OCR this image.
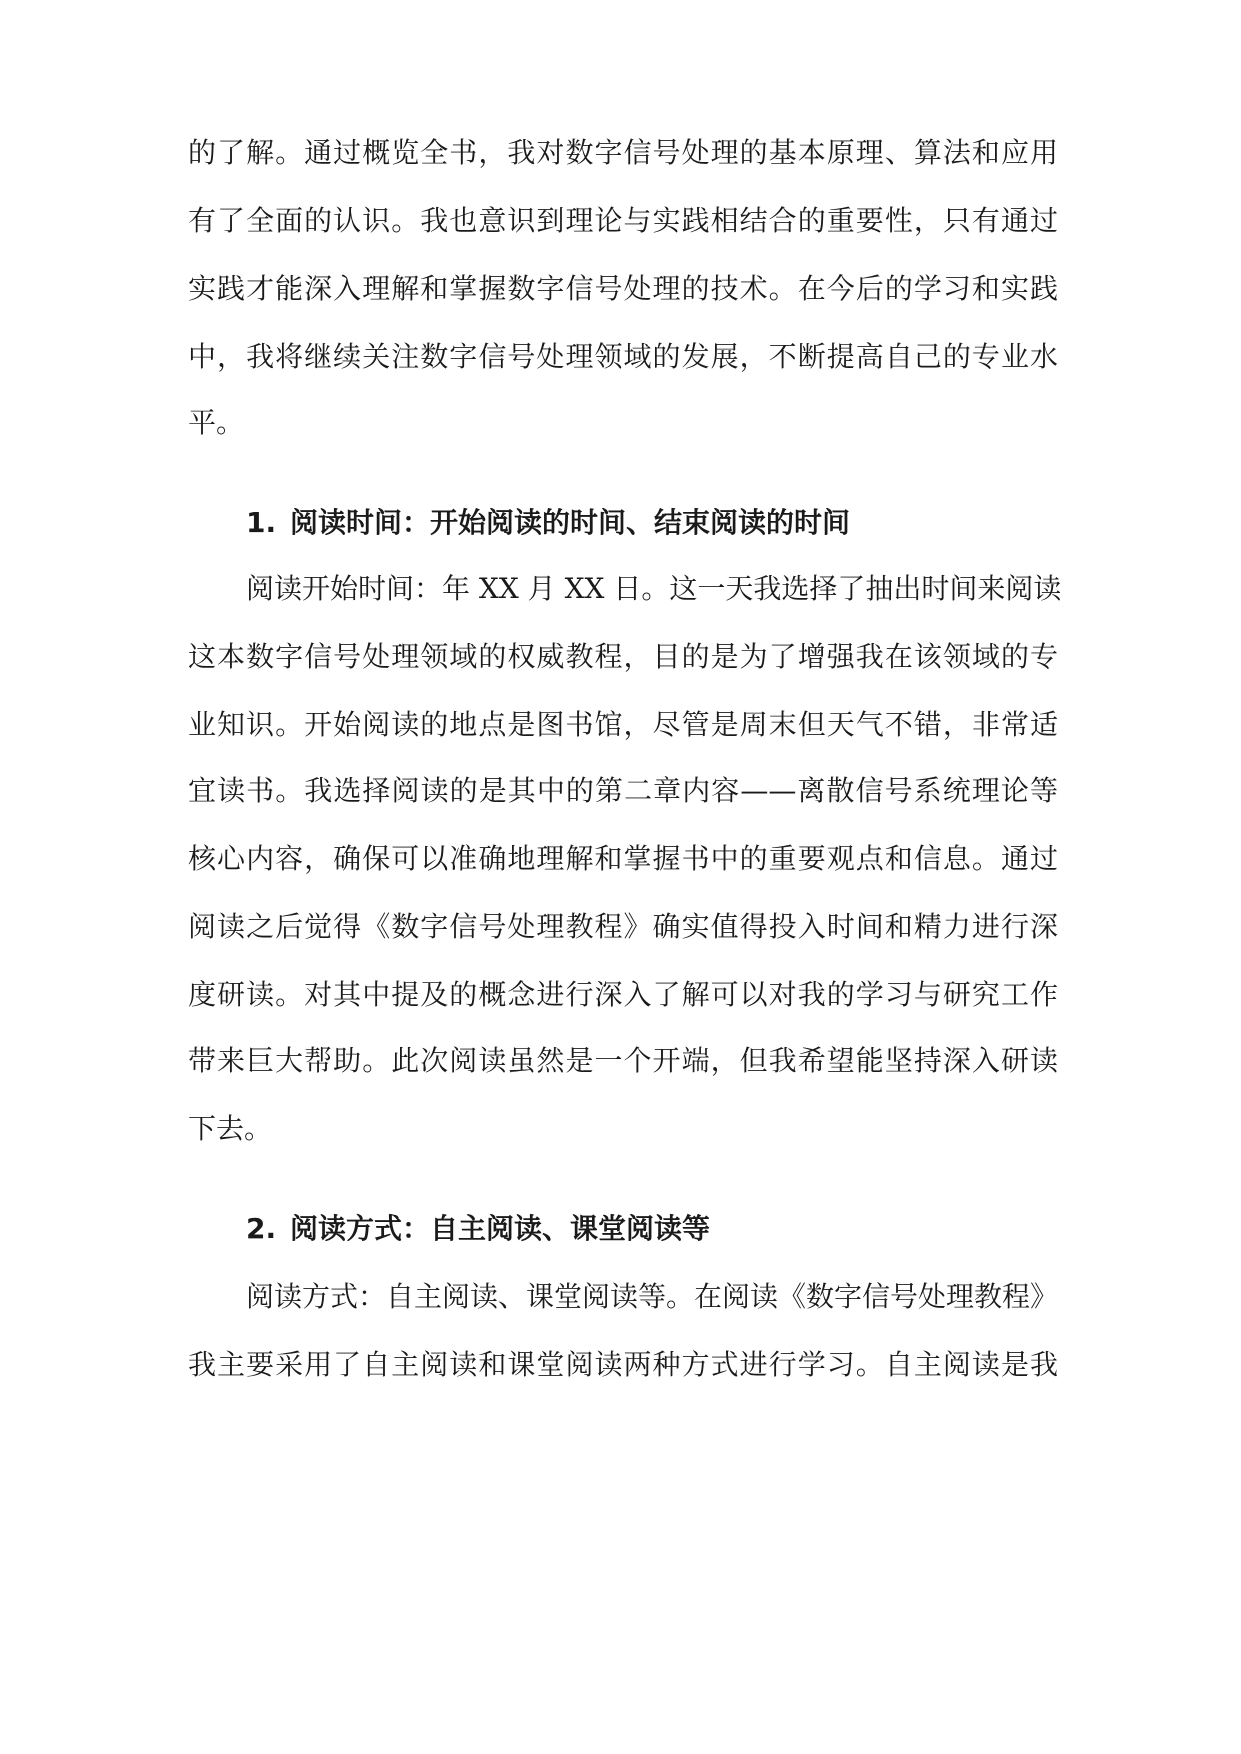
的了解。通过概览全书，我对数字信号处理的基本原理、算法和应用
有了全面的认识。我也意识到理论与实践相结合的重要性，只有通过
实践才能深入理解和掌握数字信号处理的技术。在今后的学习和实践
中，我将继续关注数字信号处理领域的发展，不断提高自己的专业水
平。
1. 阅读时间：开始阅读的时间、结束阅读的时间
阅读开始时间：年 XX 月 XX 日。这一天我选择了抽出时间来阅读
这本数字信号处理领域的权威教程，目的是为了增强我在该领域的专
业知识。开始阅读的地点是图书馆，尽管是周末但天气不错，非常适
宜读书。我选择阅读的是其中的第二章内容——离散信号系统理论等
核心内容，确保可以准确地理解和掌握书中的重要观点和信息。通过
阅读之后觉得《数字信号处理教程》确实值得投入时间和精力进行深
度研读。对其中提及的概念进行深入了解可以对我的学习与研究工作
带来巨大帮助。此次阅读虽然是一个开端，但我希望能坚持深入研读
下去。
2. 阅读方式：自主阅读、课堂阅读等
阅读方式：自主阅读、课堂阅读等。在阅读《数字信号处理教程》
我主要采用了自主阅读和课堂阅读两种方式进行学习。自主阅读是我
